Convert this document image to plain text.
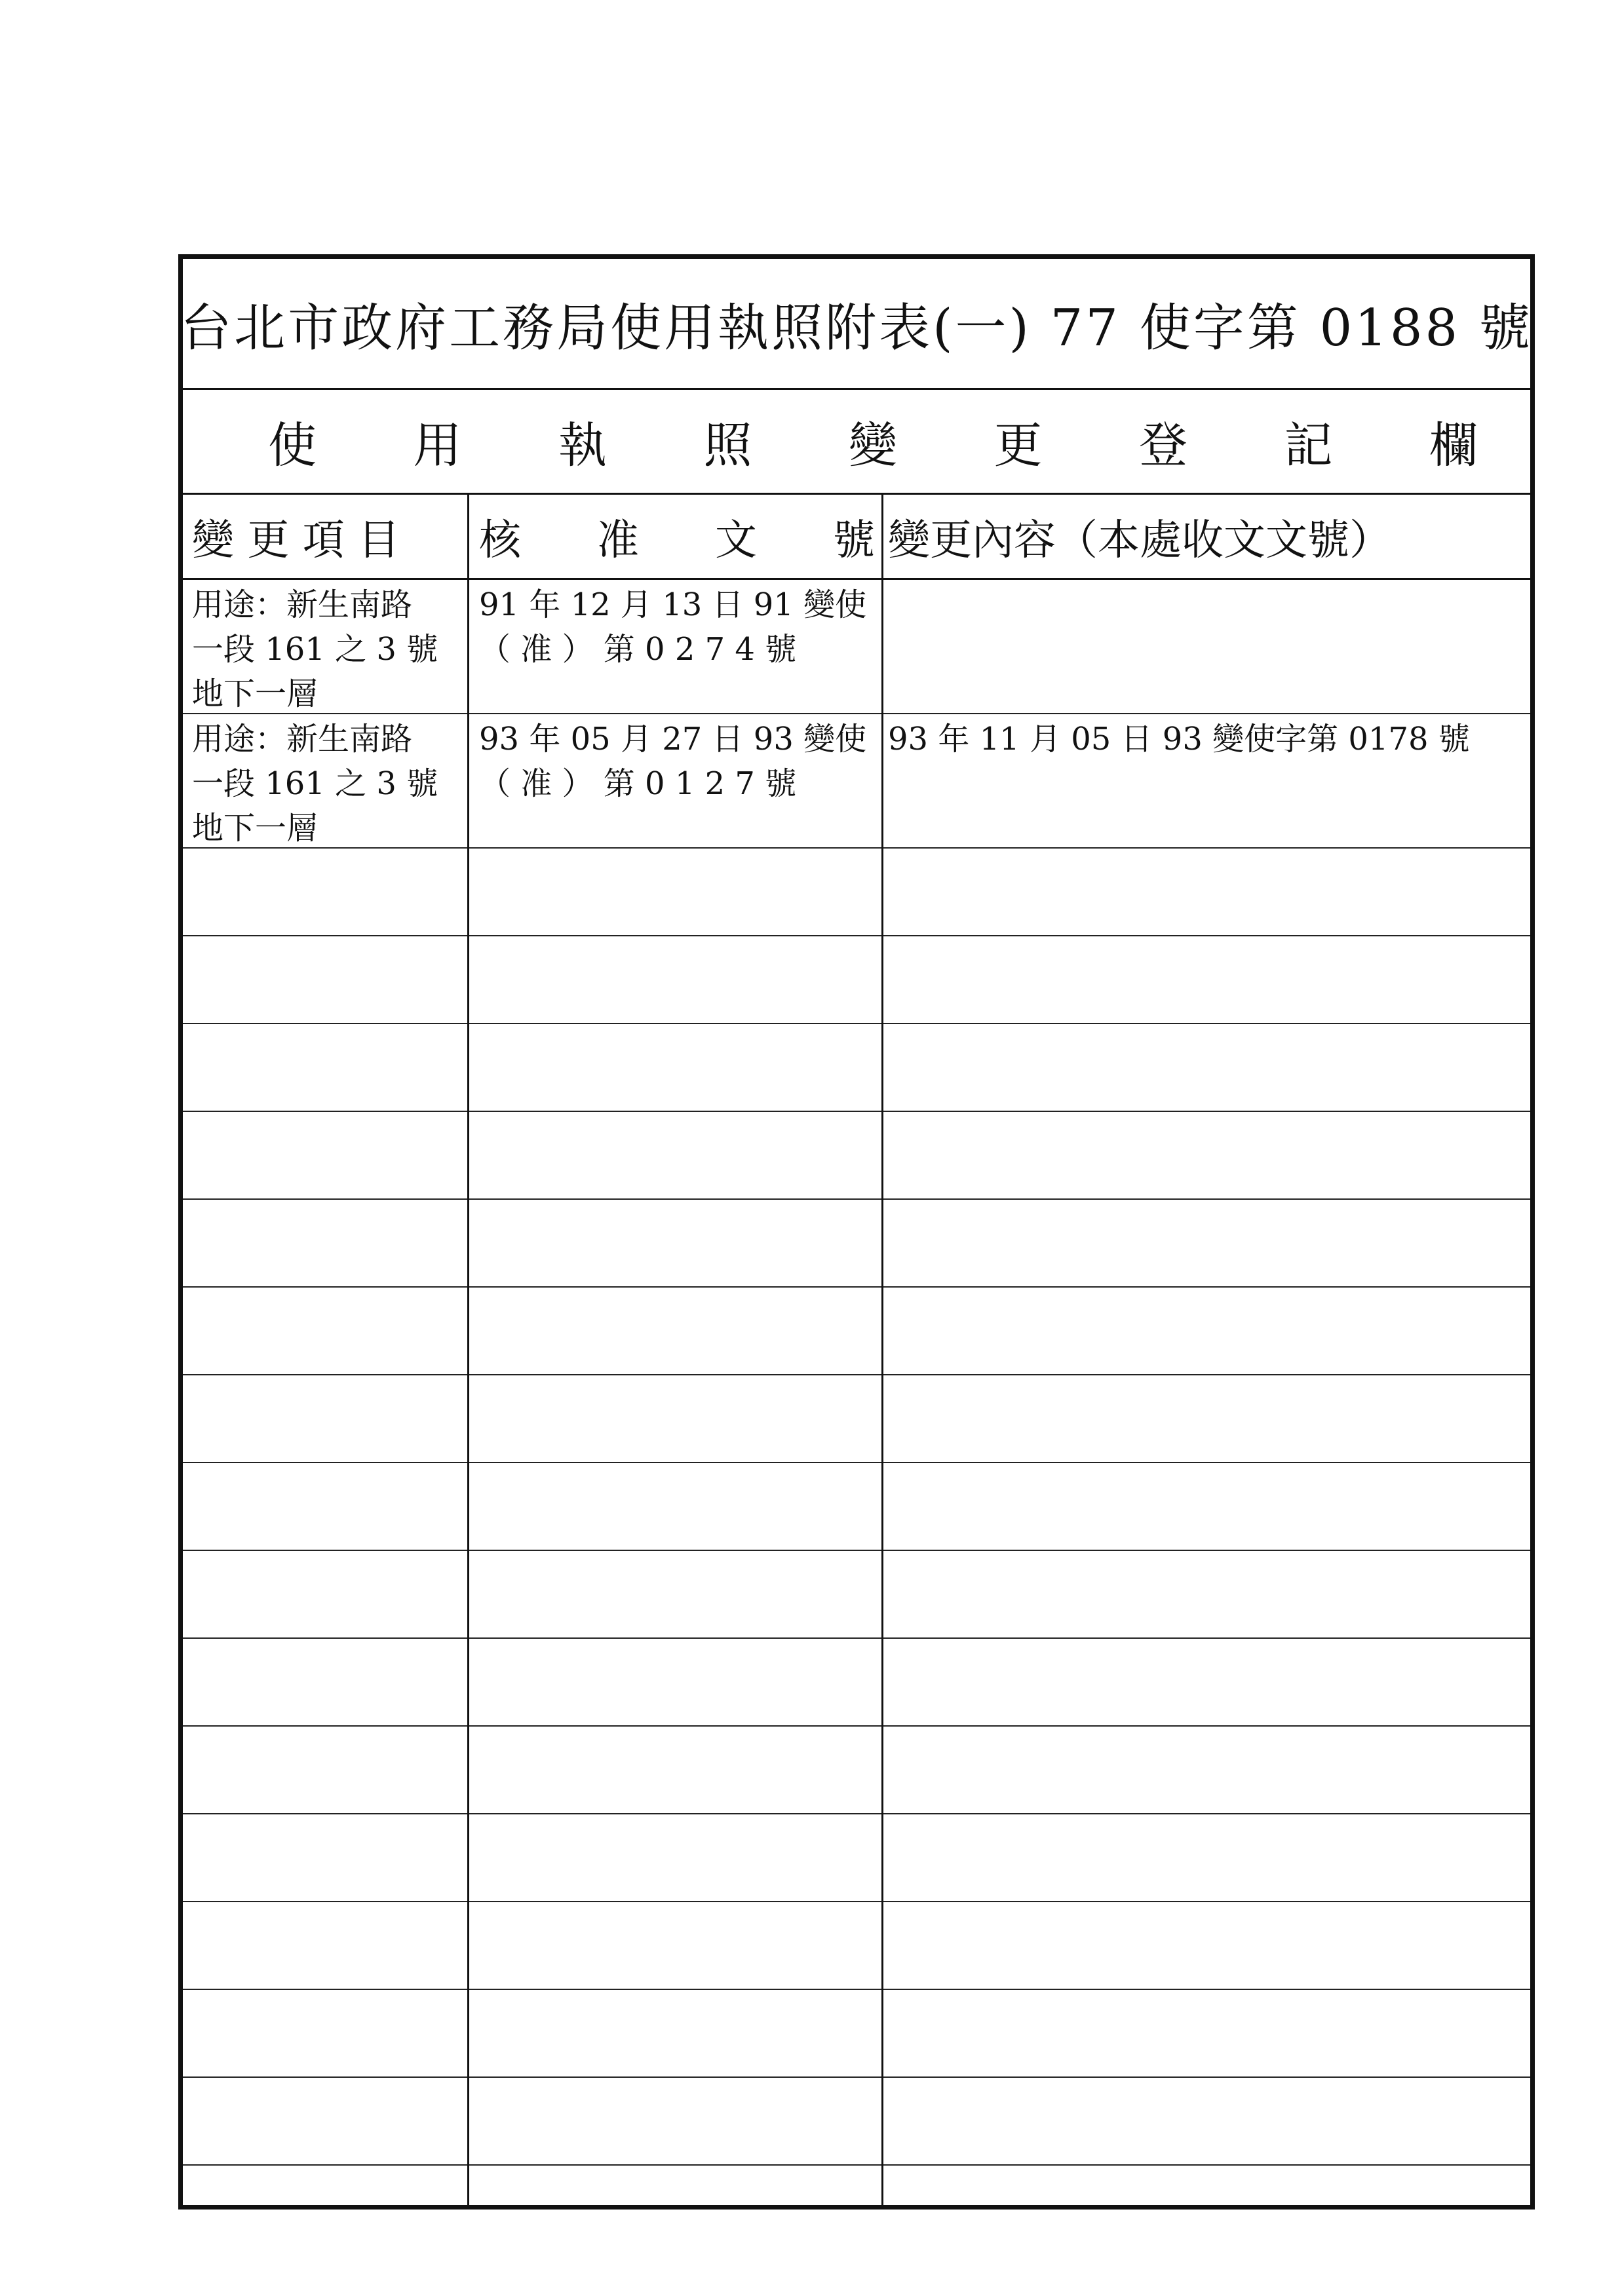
台北市政府工務局使用執照附表(一) 77 使字第 0188 號
使 用 執 照 變 更 登 記 欄
變 更 項 目	核 准 文 號 變更內容（本處收文文號）
用途：新生南路
一段 161 之 3 號
地下一層
91 年 12 月 13 日 91 變使
（ 准 ） 第 0 2 7 4 號
用途：新生南路
一段 161 之 3 號
地下一層
93 年 05 月 27 日 93 變使
（ 准 ） 第 0 1 2 7 號
93 年 11 月 05 日 93 變使字第 0178 號
